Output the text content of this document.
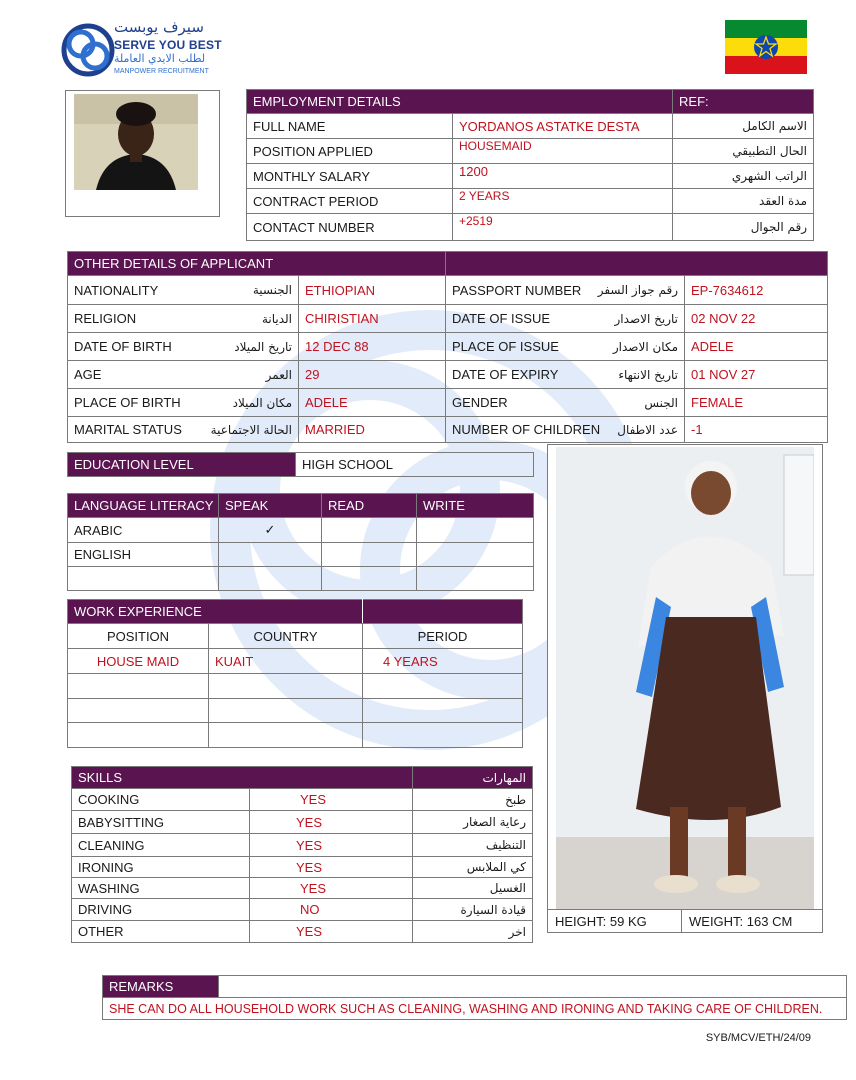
سيرف يوبست
SERVE YOU BEST
لطلب الايدي العاملة
MANPOWER RECRUITMENT
EMPLOYMENT DETAILS		REF:
FULL NAME	YORDANOS ASTATKE DESTA	الاسم الكامل
POSITION APPLIED	HOUSEMAID	الحال التطبيقي
MONTHLY SALARY	1200	الراتب الشهري
CONTRACT PERIOD	2 YEARS	مدة العقد
CONTACT NUMBER	+2519	رقم الجوال
OTHER DETAILS OF APPLICANT			

NATIONALITY الجنسية	ETHIOPIAN	PASSPORT NUMBER رقم جواز السفر	EP-7634612

RELIGION الديانة	CHIRISTIAN	DATE OF ISSUE تاريخ الاصدار	02 NOV 22

DATE OF BIRTH تاريخ الميلاد	12 DEC 88	PLACE OF ISSUE مكان الاصدار	ADELE

AGE العمر	29	DATE OF EXPIRY تاريخ الانتهاء	01 NOV 27

PLACE OF BIRTH مكان الميلاد	ADELE	GENDER الجنس	FEMALE

MARITAL STATUS الحالة الاجتماعية	MARRIED	NUMBER OF CHILDREN عدد الاطفال	-1
EDUCATION LEVEL	HIGH SCHOOL
LANGUAGE LITERACY	SPEAK	READ	WRITE
ARABIC	✓		
ENGLISH			

WORK EXPERIENCE		
POSITION	COUNTRY	PERIOD
HOUSE MAID	KUAIT	4 YEARS

SKILLS		المهارات
COOKING	YES	طبخ
BABYSITTING	YES	رعاية الصغار
CLEANING	YES	التنظيف
IRONING	YES	كي الملابس
WASHING	YES	الغسيل
DRIVING	NO	قيادة السيارة
OTHER	YES	اخر
HEIGHT: 59 KG	WEIGHT: 163 CM
REMARKS	
SHE CAN DO ALL HOUSEHOLD WORK SUCH AS CLEANING, WASHING AND IRONING AND TAKING CARE OF CHILDREN.
SYB/MCV/ETH/24/09
